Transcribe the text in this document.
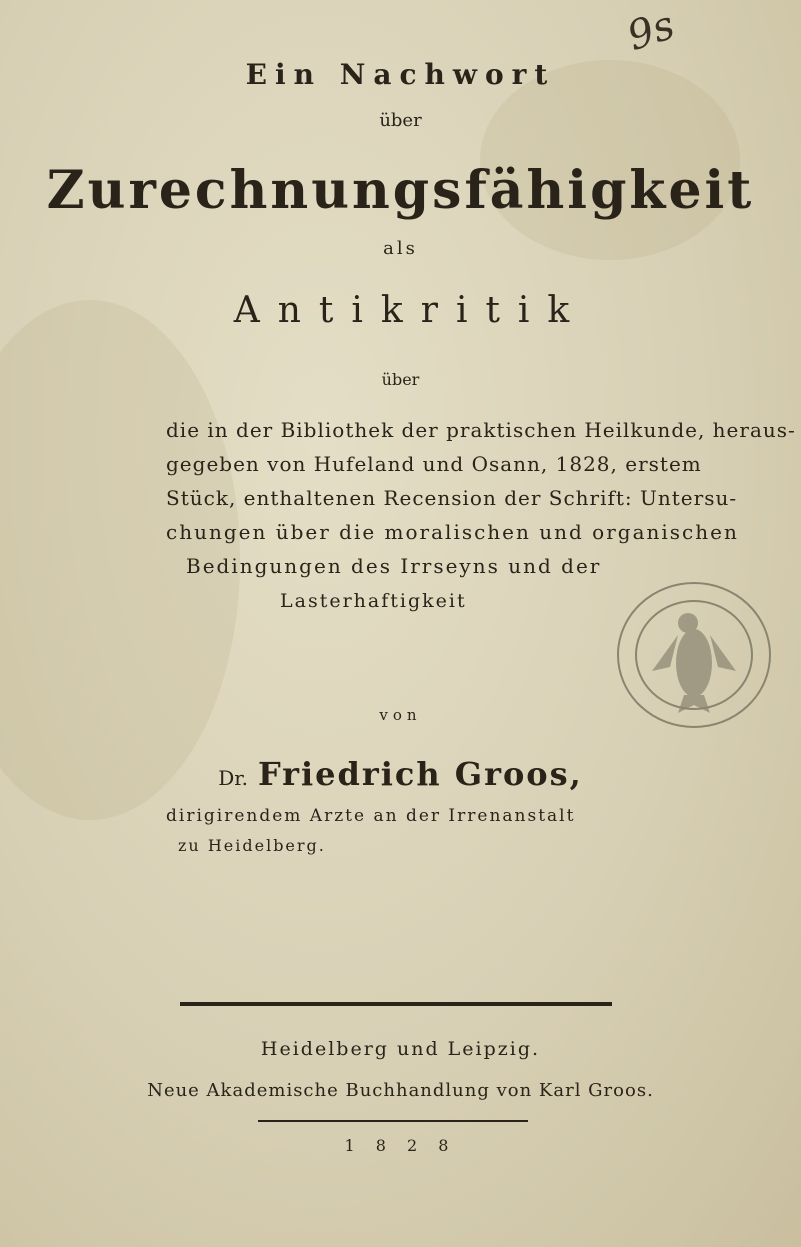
9s
Ein Nachwort
über
Zurechnungsfähigkeit
als
Antikritik
über
die in der Bibliothek der praktischen Heilkunde, heraus-
gegeben von Hufeland und Osann, 1828, erstem
Stück, enthaltenen Recension der Schrift: Untersu-
chungen über die moralischen und organischen
Bedingungen des Irrseyns und der
Lasterhaftigkeit
von
Dr. Friedrich Groos,
dirigirendem Arzte an der Irrenanstalt
zu Heidelberg.
Heidelberg und Leipzig.
Neue Akademische Buchhandlung von Karl Groos.
1 8 2 8
